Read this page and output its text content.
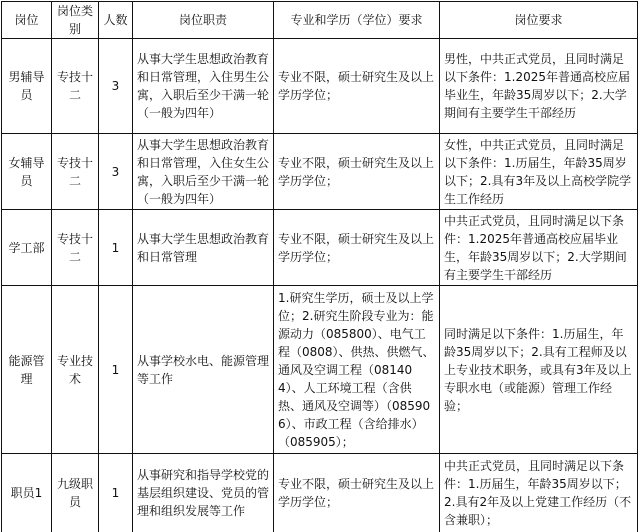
岗位	岗位类别	人数	岗位职责	专业和学历（学位）要求	岗位要求
男辅导员	专技十二	3	从事大学生思想政治教育和日常管理，入住男生公寓，入职后至少干满一轮（一般为四年）	专业不限，硕士研究生及以上学历学位；	男性，中共正式党员，且同时满足以下条件：1.2025年普通高校应届毕业生，年龄35周岁以下；2.大学期间有主要学生干部经历
女辅导员	专技十二	3	从事大学生思想政治教育和日常管理，入住女生公寓，入职后至少干满一轮（一般为四年）	专业不限，硕士研究生及以上学历学位；	女性，中共正式党员，且同时满足以下条件：1.历届生，年龄35周岁以下；2.具有3年及以上高校学院学生工作经历
学工部	专技十二	1	从事大学生思想政治教育和日常管理	专业不限，硕士研究生及以上学历学位；	中共正式党员，且同时满足以下条件：1.2025年普通高校应届毕业生，年龄35周岁以下；2.大学期间有主要学生干部经历
能源管理	专业技术	1	从事学校水电、能源管理等工作	1.研究生学历，硕士及以上学位；2.研究生阶段专业为：能源动力（085800）、电气工程（0808）、供热、供燃气、通风及空调工程（081404）、人工环境工程（含供热、通风及空调等）（085906）、市政工程（含给排水）（085905）；	同时满足以下条件：1.历届生，年龄35周岁以下；2.具有工程师及以上专业技术职务，或具有3年及以上专职水电（或能源）管理工作经验；
职员1	九级职员	1	从事研究和指导学校党的基层组织建设、党员的管理和组织发展等工作	专业不限，硕士研究生及以上学历学位；	中共正式党员，且同时满足以下条件：1.历届生，年龄35周岁以下；2.具有2年及以上党建工作经历（不含兼职）；
